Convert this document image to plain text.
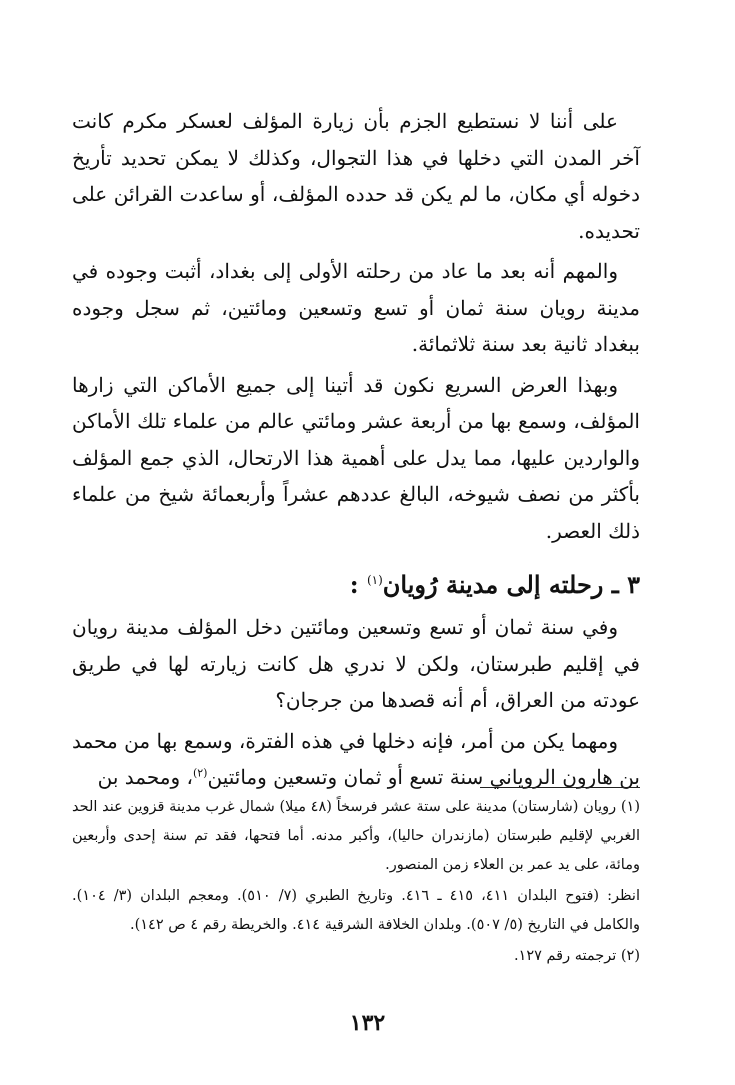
على أننا لا نستطيع الجزم بأن زيارة المؤلف لعسكر مكرم كانت آخر المدن التي دخلها في هذا التجوال، وكذلك لا يمكن تحديد تأريخ دخوله أي مكان، ما لم يكن قد حدده المؤلف، أو ساعدت القرائن على تحديده.

والمهم أنه بعد ما عاد من رحلته الأولى إلى بغداد، أثبت وجوده في مدينة رويان سنة ثمان أو تسع وتسعين ومائتين، ثم سجل وجوده ببغداد ثانية بعد سنة ثلاثمائة.

وبهذا العرض السريع نكون قد أتينا إلى جميع الأماكن التي زارها المؤلف، وسمع بها من أربعة عشر ومائتي عالم من علماء تلك الأماكن والواردين عليها، مما يدل على أهمية هذا الارتحال، الذي جمع المؤلف بأكثر من نصف شيوخه، البالغ عددهم عشراً وأربعمائة شيخ من علماء ذلك العصر.

٣ ـ رحلته إلى مدينة رُويان$^{(١)}$ :

وفي سنة ثمان أو تسع وتسعين ومائتين دخل المؤلف مدينة رويان في إقليم طبرستان، ولكن لا ندري هل كانت زيارته لها في طريق عودته من العراق، أم أنه قصدها من جرجان؟

ومهما يكن من أمر، فإنه دخلها في هذه الفترة، وسمع بها من محمد بن هارون الروياني سنة تسع أو ثمان وتسعين ومائتين$^{(٢)}$، ومحمد بن

(١) رويان (شارستان) مدينة على ستة عشر فرسخاً (٤٨ ميلا) شمال غرب مدينة قزوين عند الحد الغربي لإقليم طبرستان (مازندران حاليا)، وأكبر مدنه. أما فتحها، فقد تم سنة إحدى وأربعين ومائة، على يد عمر بن العلاء زمن المنصور.

انظر: (فتوح البلدان ٤١١، ٤١٥ ـ ٤١٦. وتاريخ الطبري (٧/ ٥١٠). ومعجم البلدان (٣/ ١٠٤). والكامل في التاريخ (٥/ ٥٠٧). وبلدان الخلافة الشرقية ٤١٤. والخريطة رقم ٤ ص ١٤٢).

(٢) ترجمته رقم ١٢٧.

١٣٢
